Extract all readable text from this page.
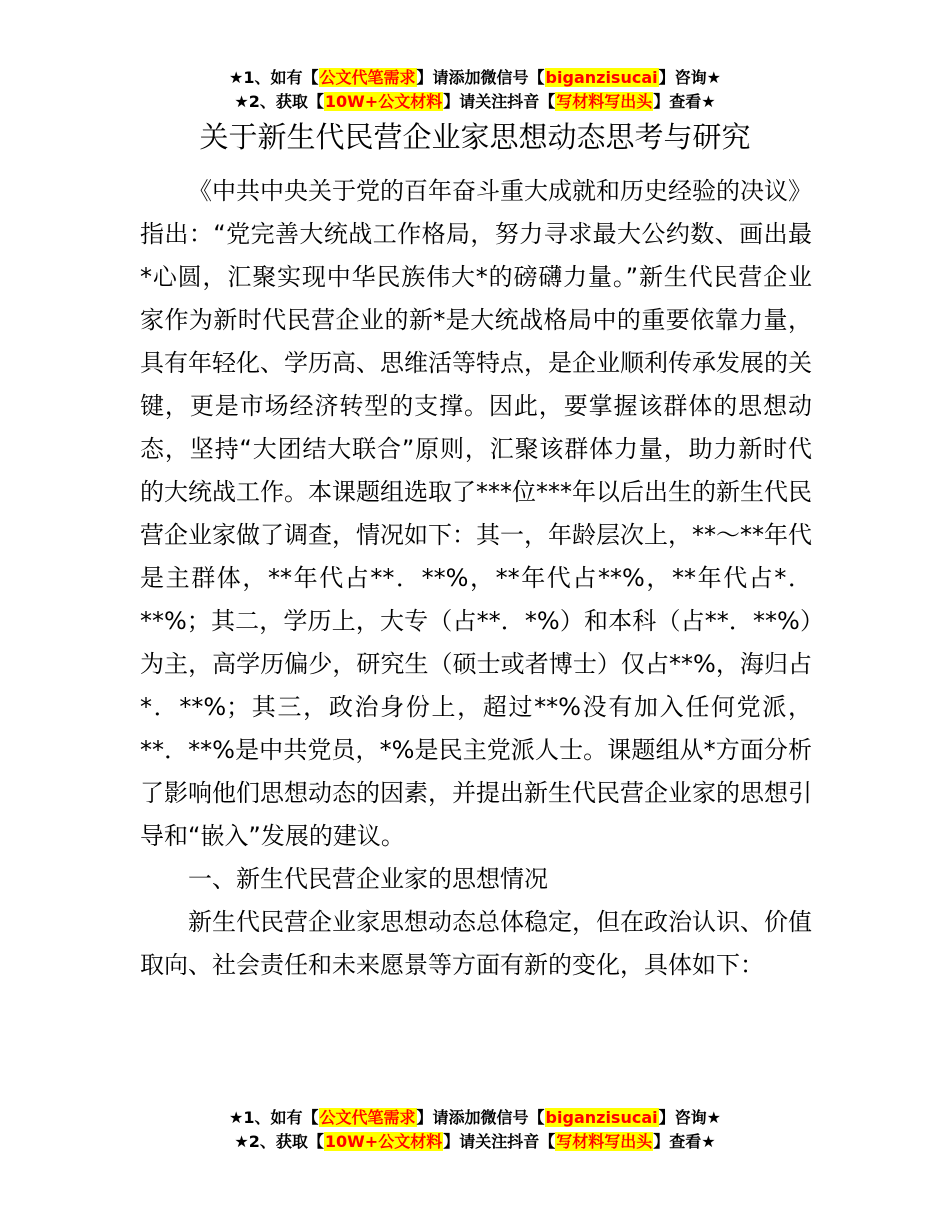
★1、如有【公文代笔需求】请添加微信号【biganzisucai】咨询★
★2、获取【10W+公文材料】请关注抖音【写材料写出头】查看★
关于新生代民营企业家思想动态思考与研究

《中共中央关于党的百年奋斗重大成就和历史经验的决议》指出：“党完善大统战工作格局，努力寻求最大公约数、画出最*心圆，汇聚实现中华民族伟大*的磅礴力量。”新生代民营企业家作为新时代民营企业的新*是大统战格局中的重要依靠力量，具有年轻化、学历高、思维活等特点，是企业顺利传承发展的关键，更是市场经济转型的支撑。因此，要掌握该群体的思想动态，坚持“大团结大联合”原则，汇聚该群体力量，助力新时代的大统战工作。本课题组选取了***位***年以后出生的新生代民营企业家做了调查，情况如下：其一，年龄层次上，**～**年代是主群体，**年代占**．**%，**年代占**%，**年代占*．**%；其二，学历上，大专（占**．*%）和本科（占**．**%）为主，高学历偏少，研究生（硕士或者博士）仅占**%，海归占*．**%；其三，政治身份上，超过**%没有加入任何党派，**．**%是中共党员，*%是民主党派人士。课题组从*方面分析了影响他们思想动态的因素，并提出新生代民营企业家的思想引导和“嵌入”发展的建议。

一、新生代民营企业家的思想情况

新生代民营企业家思想动态总体稳定，但在政治认识、价值取向、社会责任和未来愿景等方面有新的变化，具体如下：

★1、如有【公文代笔需求】请添加微信号【biganzisucai】咨询★
★2、获取【10W+公文材料】请关注抖音【写材料写出头】查看★
